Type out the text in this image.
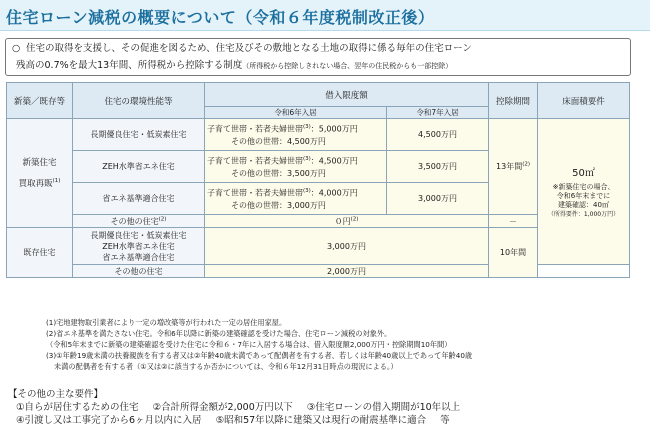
住宅ローン減税の概要について（令和６年度税制改正後）
○ 住宅の取得を支援し、その促進を図るため、住宅及びその敷地となる土地の取得に係る毎年の住宅ローン
残高の0.7%を最大13年間、所得税から控除する制度（所得税から控除しきれない場合、翌年の住民税からも一部控除）
新築／既存等	住宅の環境性能等	借入限度額		控除期間	床面積要件
		令和6年入居	令和7年入居		

新築住宅
買取再販$^{(1)}$	長期優良住宅・低炭素住宅	子育て世帯・若者夫婦世帯$^{(3)}$：5,000万円
その他の世帯：4,500万円	4,500万円	13年間$^{(2)}$	50㎡
※新築住宅の場合、
令和6年末までに
建築確認：40㎡
（所得要件：1,000万円）

	ZEH水準省エネ住宅	子育て世帯・若者夫婦世帯$^{(3)}$：4,500万円
その他の世帯：3,500万円	3,500万円		
	省エネ基準適合住宅	子育て世帯・若者夫婦世帯$^{(3)}$：4,000万円
その他の世帯：3,000万円	3,000万円		
	その他の住宅$^{(2)}$	０円$^{(2)}$		－	
既存住宅	長期優良住宅・低炭素住宅
ZEH水準省エネ住宅
省エネ基準適合住宅	3,000万円		10年間	
	その他の住宅	2,000万円			
(1)宅地建物取引業者により一定の増改築等が行われた一定の居住用家屋。
(2)省エネ基準を満たさない住宅。令和6年以降に新築の建築確認を受けた場合、住宅ローン減税の対象外。
（令和5年末までに新築の建築確認を受けた住宅に令和６・7年に入居する場合は、借入限度額2,000万円・控除期間10年間）
(3)①年齢19歳未満の扶養親族を有する者又は②年齢40歳未満であって配偶者を有する者、若しくは年齢40歳以上であって年齢40歳
未満の配偶者を有する者（①又は②に該当するか否かについては、令和６年12月31日時点の現況による。）
【その他の主な要件】
①自らが居住するための住宅 ②合計所得金額が2,000万円以下 ③住宅ローンの借入期間が10年以上
④引渡し又は工事完了から6ヶ月以内に入居 ⑤昭和57年以降に建築又は現行の耐震基準に適合 等
